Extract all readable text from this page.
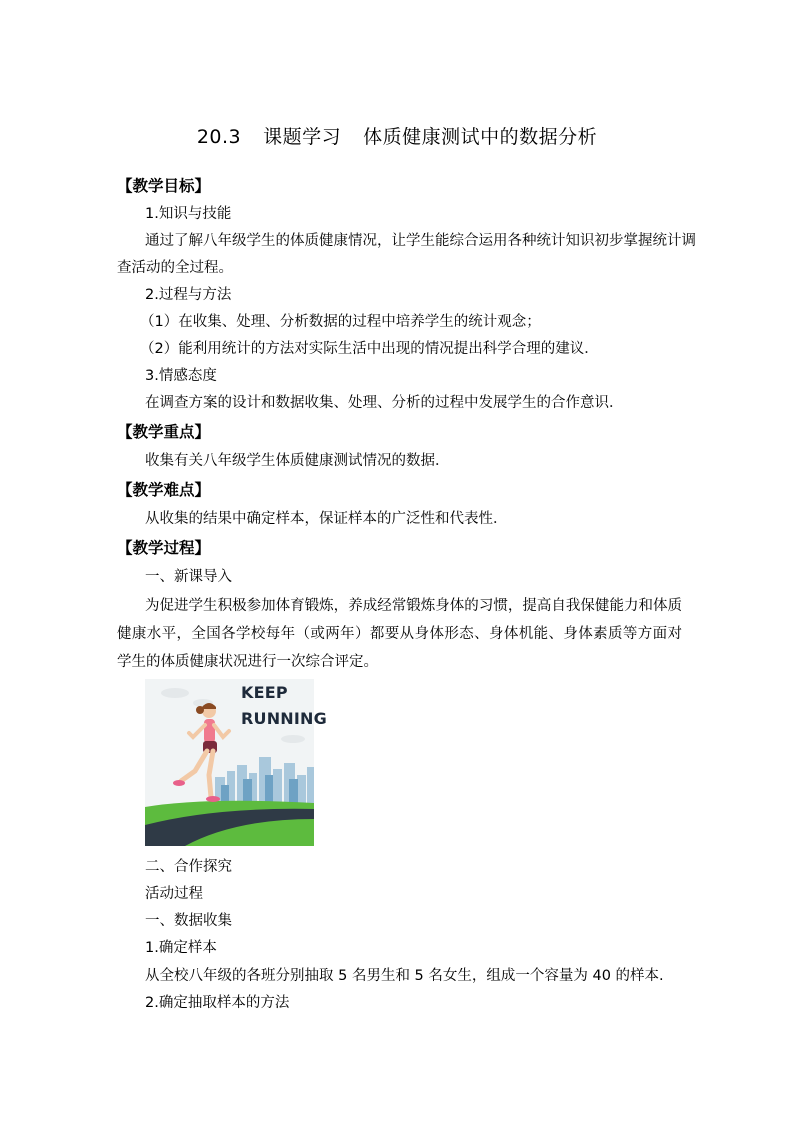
20.3 课题学习 体质健康测试中的数据分析
【教学目标】
1.知识与技能
通过了解八年级学生的体质健康情况，让学生能综合运用各种统计知识初步掌握统计调
查活动的全过程。
2.过程与方法
（1）在收集、处理、分析数据的过程中培养学生的统计观念；
（2）能利用统计的方法对实际生活中出现的情况提出科学合理的建议．
3.情感态度
在调查方案的设计和数据收集、处理、分析的过程中发展学生的合作意识．
【教学重点】
收集有关八年级学生体质健康测试情况的数据．
【教学难点】
从收集的结果中确定样本，保证样本的广泛性和代表性．
【教学过程】
一、新课导入
为促进学生积极参加体育锻炼，养成经常锻炼身体的习惯，提高自我保健能力和体质健康水平，全国各学校每年（或两年）都要从身体形态、身体机能、身体素质等方面对学生的体质健康状况进行一次综合评定。
KEEP
RUNNING
二、合作探究
活动过程
一、数据收集
1.确定样本
从全校八年级的各班分别抽取 5 名男生和 5 名女生，组成一个容量为 40 的样本.
2.确定抽取样本的方法
